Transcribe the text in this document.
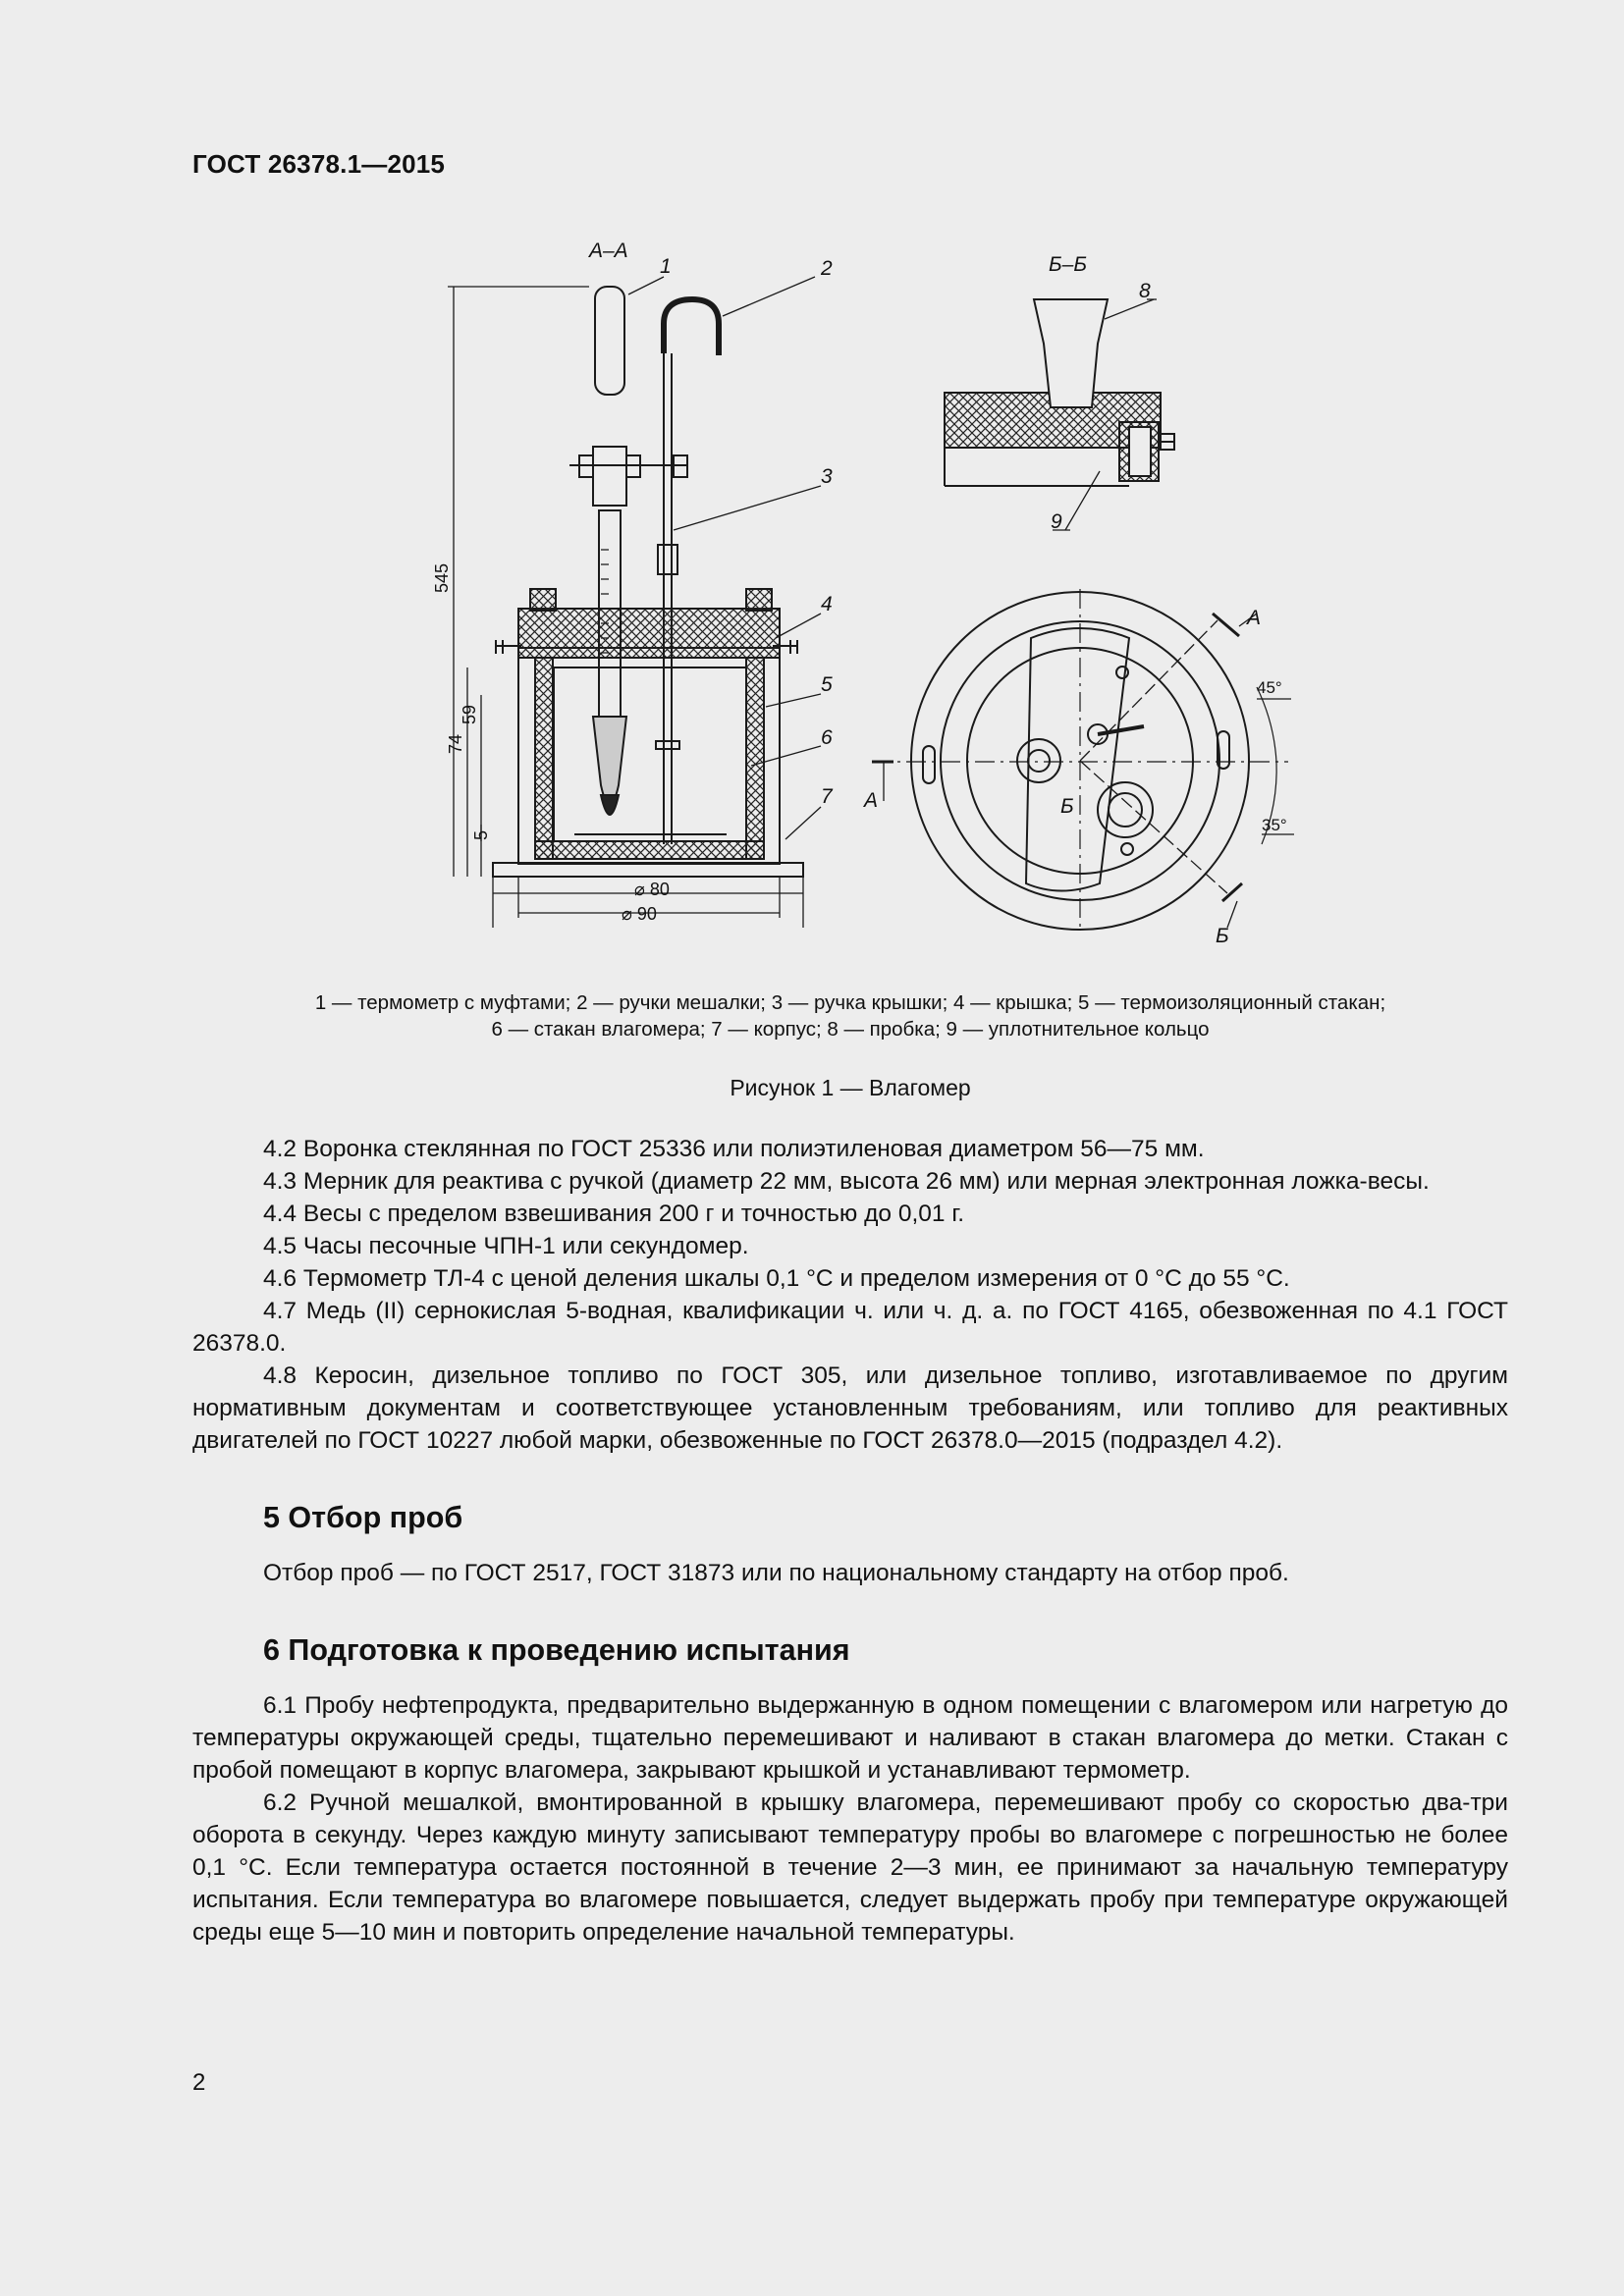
ГОСТ 26378.1—2015
А–А
Б–Б
1	2
3
4
5
6
7
8
9
545
74
59
5
⌀ 80
⌀ 90
45°
35°
А
А	Б
Б
1 — термометр с муфтами; 2 — ручки мешалки; 3 — ручка крышки; 4 — крышка; 5 — термоизоляционный стакан;
6 — стакан влагомера; 7 — корпус; 8 — пробка; 9 — уплотнительное кольцо
Рисунок 1 — Влагомер

4.2 Воронка стеклянная по ГОСТ 25336 или полиэтиленовая диаметром 56—75 мм.

4.3 Мерник для реактива с ручкой (диаметр 22 мм, высота 26 мм) или мерная электронная ложка-весы.

4.4 Весы с пределом взвешивания 200 г и точностью до 0,01 г.

4.5 Часы песочные ЧПН-1 или секундомер.

4.6 Термометр ТЛ-4 с ценой деления шкалы 0,1 °С и пределом измерения от 0 °С до 55 °С.

4.7 Медь (II) сернокислая 5-водная, квалификации ч. или ч. д. а. по ГОСТ 4165, обезвоженная по 4.1 ГОСТ 26378.0.

4.8 Керосин, дизельное топливо по ГОСТ 305, или дизельное топливо, изготавливаемое по другим нормативным документам и соответствующее установленным требованиям, или топливо для реактивных двигателей по ГОСТ 10227 любой марки, обезвоженные по ГОСТ 26378.0—2015 (подраздел 4.2).

5 Отбор проб

Отбор проб — по ГОСТ 2517, ГОСТ 31873 или по национальному стандарту на отбор проб.

6 Подготовка к проведению испытания

6.1 Пробу нефтепродукта, предварительно выдержанную в одном помещении с влагомером или нагретую до температуры окружающей среды, тщательно перемешивают и наливают в стакан влагомера до метки. Стакан с пробой помещают в корпус влагомера, закрывают крышкой и устанавливают термометр.

6.2 Ручной мешалкой, вмонтированной в крышку влагомера, перемешивают пробу со скоростью два-три оборота в секунду. Через каждую минуту записывают температуру пробы во влагомере с погрешностью не более 0,1 °С. Если температура остается постоянной в течение 2—3 мин, ее принимают за начальную температуру испытания. Если температура во влагомере повышается, следует выдержать пробу при температуре окружающей среды еще 5—10 мин и повторить определение начальной температуры.

2
